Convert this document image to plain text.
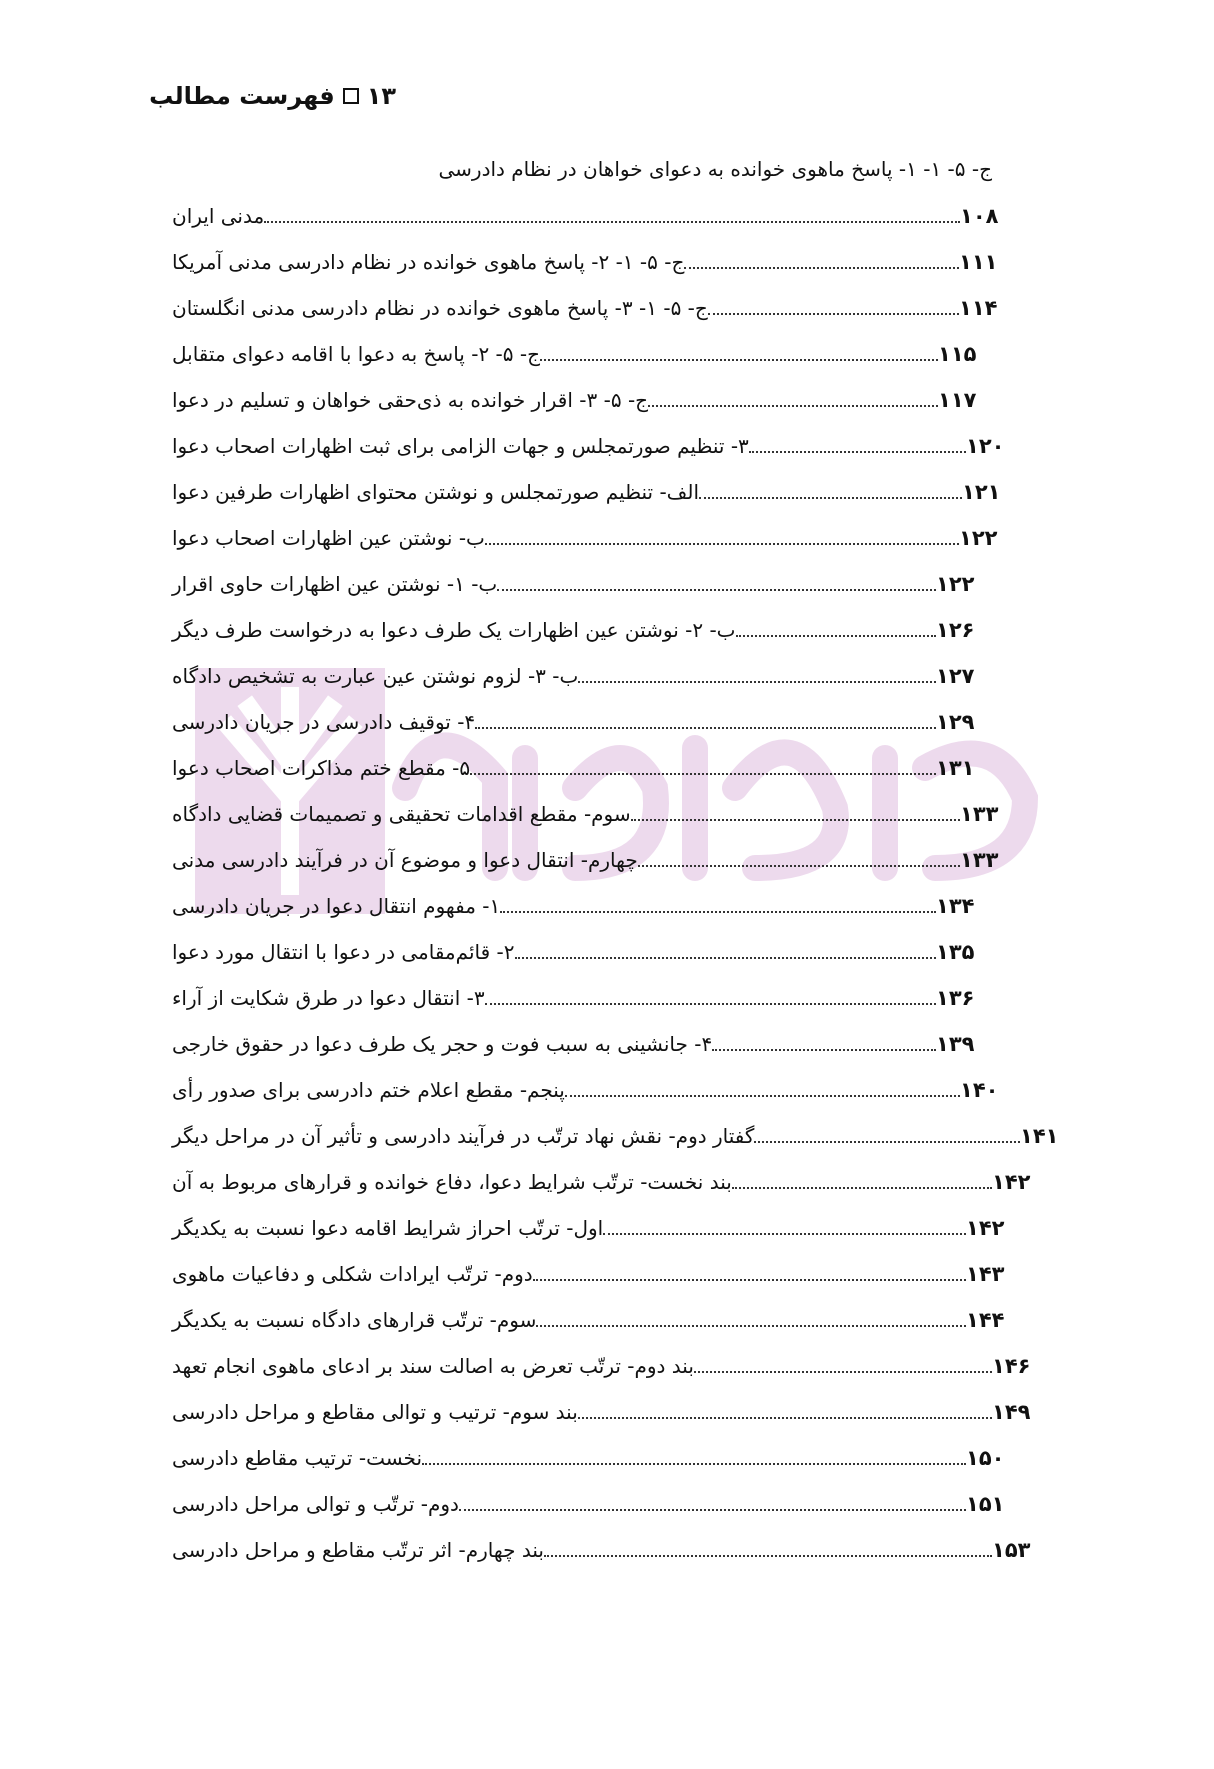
فهرست مطالب ۱۳
ج- ۵- ۱- ۱- پاسخ ماهوی خوانده به دعوای خواهان در نظام دادرسی
مدنی ایران	۱۰۸
ج- ۵- ۱- ۲- پاسخ ماهوی خوانده در نظام دادرسی مدنی آمریکا	۱۱۱
ج- ۵- ۱- ۳- پاسخ ماهوی خوانده در نظام دادرسی مدنی انگلستان	۱۱۴
ج- ۵- ۲- پاسخ به دعوا با اقامه دعوای متقابل	۱۱۵
ج- ۵- ۳- اقرار خوانده به ذی‌حقی خواهان و تسلیم در دعوا	۱۱۷
۳- تنظیم صورتمجلس و جهات الزامی برای ثبت اظهارات اصحاب دعوا	۱۲۰
الف- تنظیم صورتمجلس و نوشتن محتوای اظهارات طرفین دعوا	۱۲۱
ب- نوشتن عین اظهارات اصحاب دعوا	۱۲۲
ب- ۱- نوشتن عین اظهارات حاوی اقرار	۱۲۲
ب- ۲- نوشتن عین اظهارات یک طرف دعوا به درخواست طرف دیگر	۱۲۶
ب- ۳- لزوم نوشتن عین عبارت به تشخیص دادگاه	۱۲۷
۴- توقیف دادرسی در جریان دادرسی	۱۲۹
۵- مقطع ختم مذاکرات اصحاب دعوا	۱۳۱
سوم- مقطع اقدامات تحقیقی و تصمیمات قضایی دادگاه	۱۳۳
چهارم- انتقال دعوا و موضوع آن در فرآیند دادرسی مدنی	۱۳۳
۱- مفهوم انتقال دعوا در جریان دادرسی	۱۳۴
۲- قائم‌مقامی در دعوا با انتقال مورد دعوا	۱۳۵
۳- انتقال دعوا در طرق شکایت از آراء	۱۳۶
۴- جانشینی به سبب فوت و حجر یک طرف دعوا در حقوق خارجی	۱۳۹
پنجم- مقطع اعلام ختم دادرسی برای صدور رأی	۱۴۰
گفتار دوم- نقش نهاد ترتّب در فرآیند دادرسی و تأثیر آن در مراحل دیگر	۱۴۱
بند نخست- ترتّب شرایط دعوا، دفاع خوانده و قرارهای مربوط به آن	۱۴۲
اول- ترتّب احراز شرایط اقامه دعوا نسبت به یکدیگر	۱۴۲
دوم- ترتّب ایرادات شکلی و دفاعیات ماهوی	۱۴۳
سوم- ترتّب قرارهای دادگاه نسبت به یکدیگر	۱۴۴
بند دوم- ترتّب تعرض به اصالت سند بر ادعای ماهوی انجام تعهد	۱۴۶
بند سوم- ترتیب و توالی مقاطع و مراحل دادرسی	۱۴۹
نخست- ترتیب مقاطع دادرسی	۱۵۰
دوم- ترتّب و توالی مراحل دادرسی	۱۵۱
بند چهارم- اثر ترتّب مقاطع و مراحل دادرسی	۱۵۳
